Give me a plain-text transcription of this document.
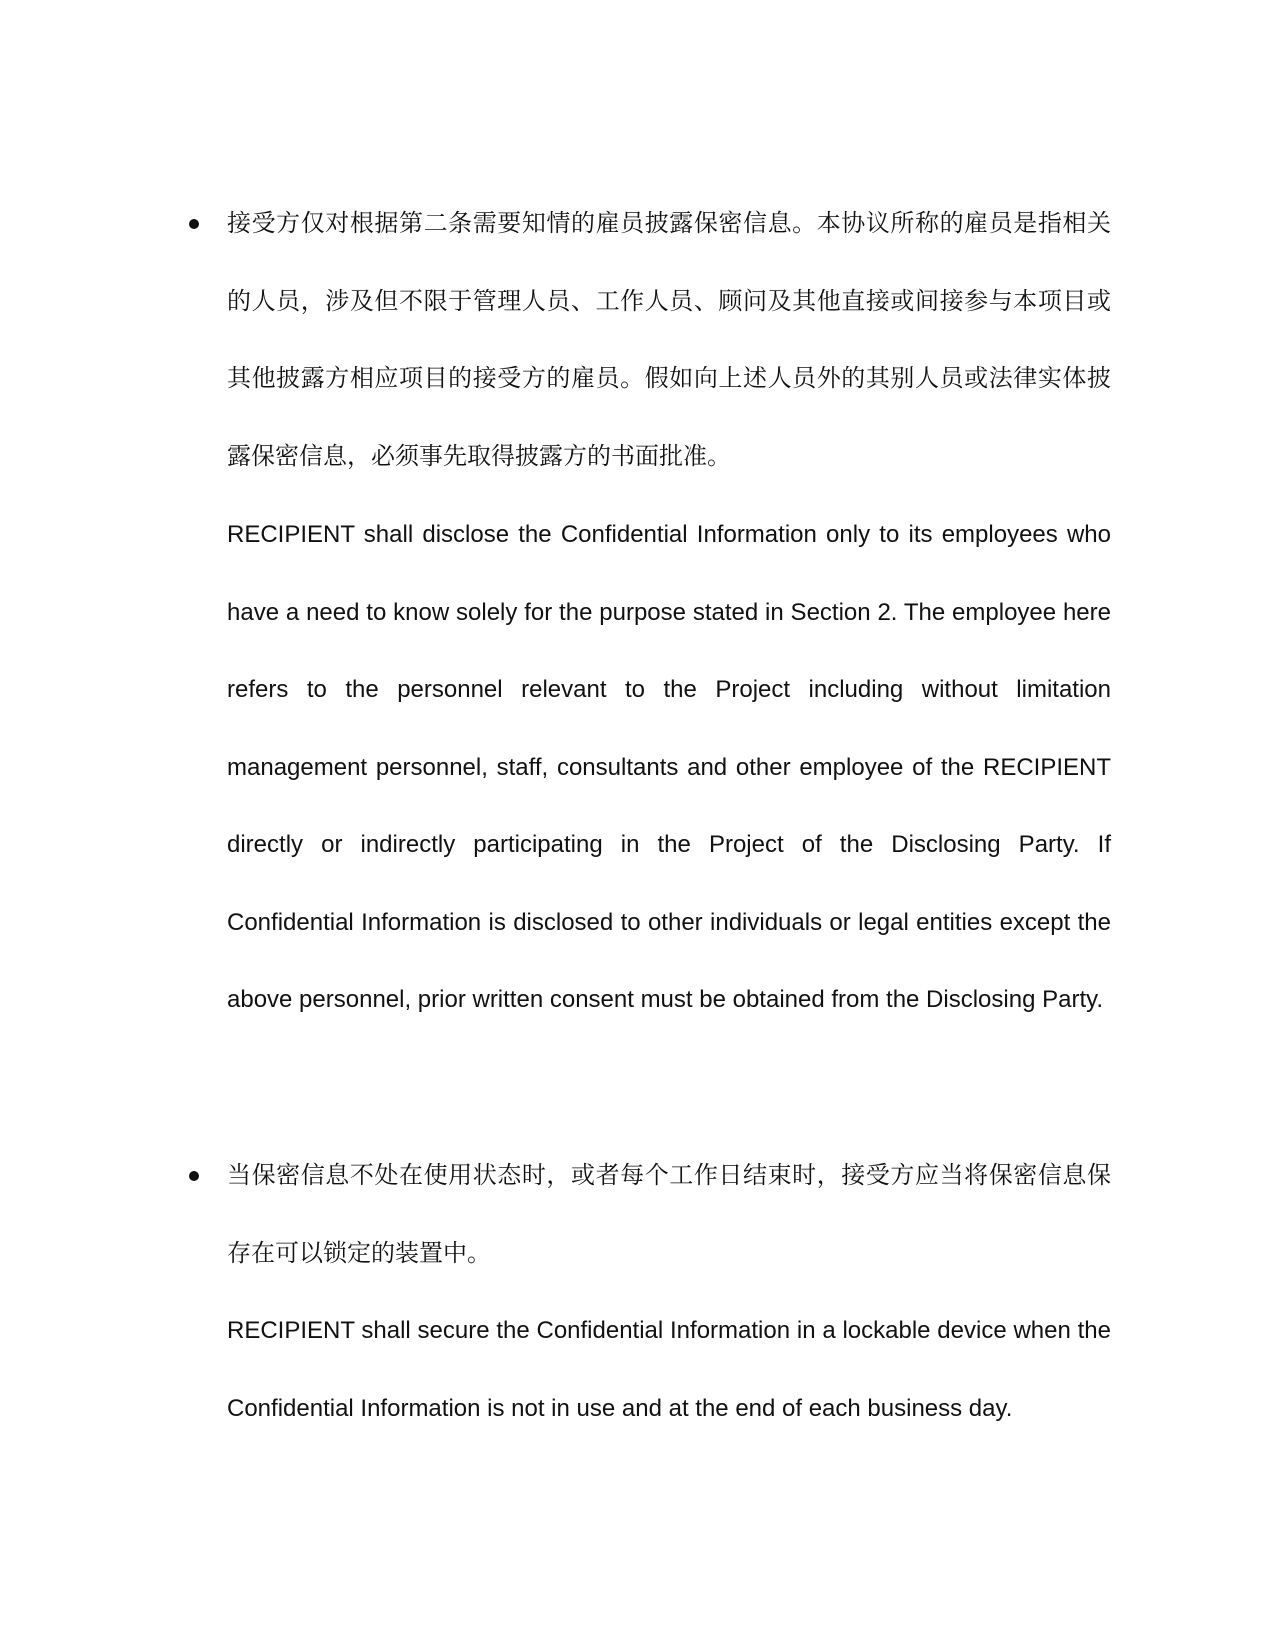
接受方仅对根据第二条需要知情的雇员披露保密信息。本协议所称的雇员是指相关的人员，涉及但不限于管理人员、工作人员、顾问及其他直接或间接参与本项目或其他披露方相应项目的接受方的雇员。假如向上述人员外的其别人员或法律实体披露保密信息，必须事先取得披露方的书面批准。

RECIPIENT shall disclose the Confidential Information only to its employees who have a need to know solely for the purpose stated in Section 2. The employee here refers to the personnel relevant to the Project including without limitation management personnel, staff, consultants and other employee of the RECIPIENT directly or indirectly participating in the Project of the Disclosing Party. If Confidential Information is disclosed to other individuals or legal entities except the above personnel, prior written consent must be obtained from the Disclosing Party.

当保密信息不处在使用状态时，或者每个工作日结束时，接受方应当将保密信息保存在可以锁定的装置中。

RECIPIENT shall secure the Confidential Information in a lockable device when the Confidential Information is not in use and at the end of each business day.
